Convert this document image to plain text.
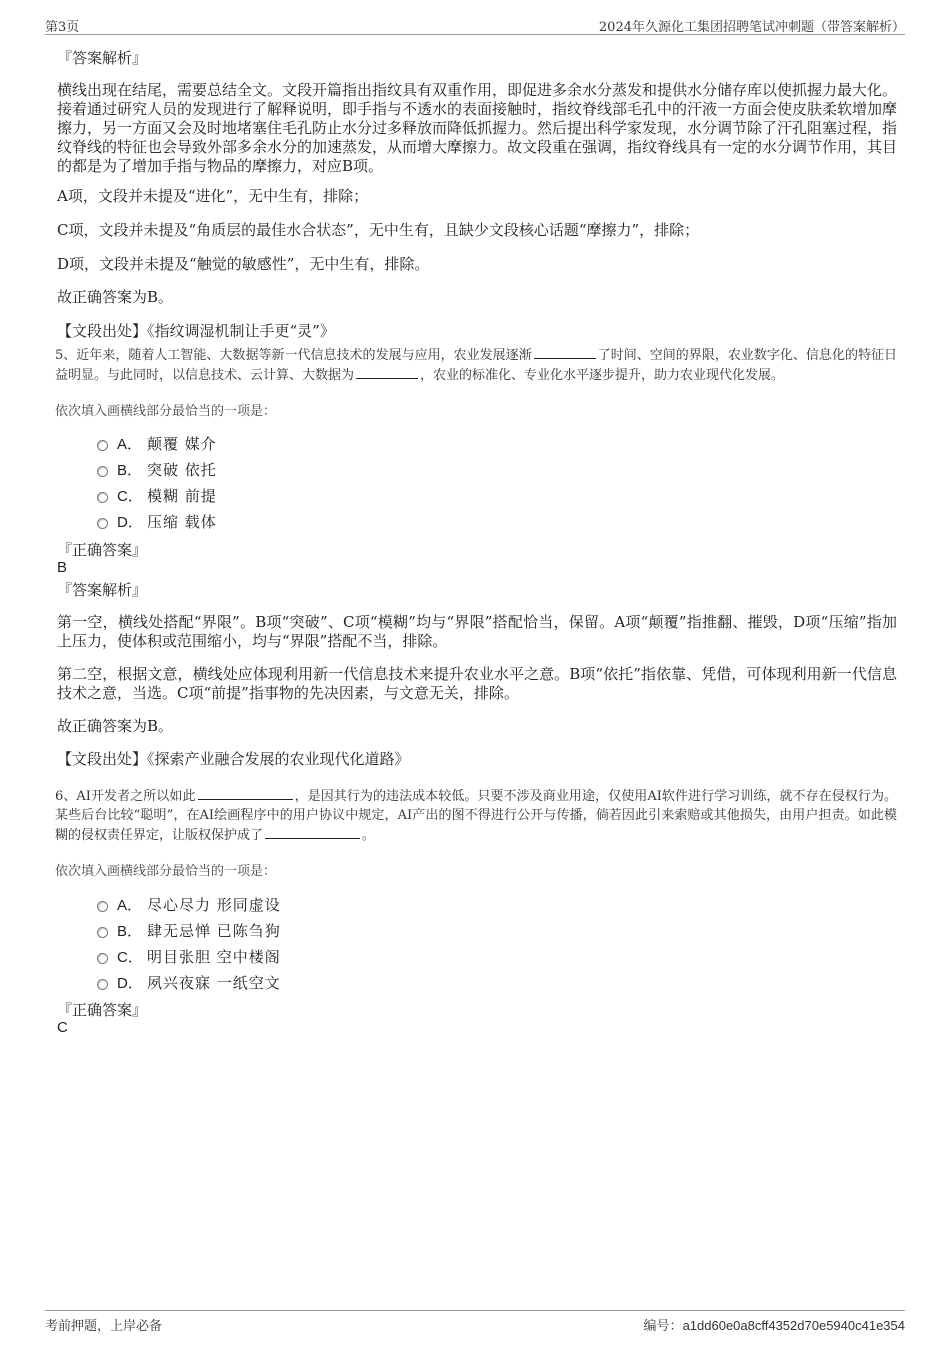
第3页	2024年久源化工集团招聘笔试冲刺题（带答案解析）
『答案解析』
横线出现在结尾，需要总结全文。文段开篇指出指纹具有双重作用，即促进多余水分蒸发和提供水分储存库以使抓握力最大化。接着通过研究人员的发现进行了解释说明，即手指与不透水的表面接触时，指纹脊线部毛孔中的汗液一方面会使皮肤柔软增加摩擦力，另一方面又会及时地堵塞住毛孔防止水分过多释放而降低抓握力。然后提出科学家发现，水分调节除了汗孔阻塞过程，指纹脊线的特征也会导致外部多余水分的加速蒸发，从而增大摩擦力。故文段重在强调，指纹脊线具有一定的水分调节作用，其目的都是为了增加手指与物品的摩擦力，对应B项。
A项，文段并未提及“进化”，无中生有，排除；
C项，文段并未提及“角质层的最佳水合状态”，无中生有，且缺少文段核心话题“摩擦力”，排除；
D项，文段并未提及“触觉的敏感性”，无中生有，排除。
故正确答案为B。
【文段出处】《指纹调湿机制让手更“灵”》
5、近年来，随着人工智能、大数据等新一代信息技术的发展与应用，农业发展逐渐	了时间、空间的界限，农业数字化、信息化的特征日益明显。与此同时，以信息技术、云计算、大数据为	，农业的标准化、专业化水平逐步提升，助力农业现代化发展。
依次填入画横线部分最恰当的一项是：
A． 颠覆 媒介
B． 突破 依托
C． 模糊 前提
D． 压缩 载体
『正确答案』
B
『答案解析』
第一空，横线处搭配“界限”。B项“突破”、C项“模糊”均与“界限”搭配恰当，保留。A项“颠覆”指推翻、摧毁，D项“压缩”指加上压力，使体积或范围缩小，均与“界限”搭配不当，排除。
第二空，根据文意，横线处应体现利用新一代信息技术来提升农业水平之意。B项“依托”指依靠、凭借，可体现利用新一代信息技术之意，当选。C项“前提”指事物的先决因素，与文意无关，排除。
故正确答案为B。
【文段出处】《探索产业融合发展的农业现代化道路》
6、AI开发者之所以如此	，是因其行为的违法成本较低。只要不涉及商业用途，仅使用AI软件进行学习训练，就不存在侵权行为。某些后台比较“聪明”，在AI绘画程序中的用户协议中规定，AI产出的图不得进行公开与传播，倘若因此引来索赔或其他损失，由用户担责。如此模糊的侵权责任界定，让版权保护成了	。
依次填入画横线部分最恰当的一项是：
A． 尽心尽力 形同虚设
B． 肆无忌惮 已陈刍狗
C． 明目张胆 空中楼阁
D． 夙兴夜寐 一纸空文
『正确答案』
C
考前押题，上岸必备	编号：a1dd60e0a8cff4352d70e5940c41e354
